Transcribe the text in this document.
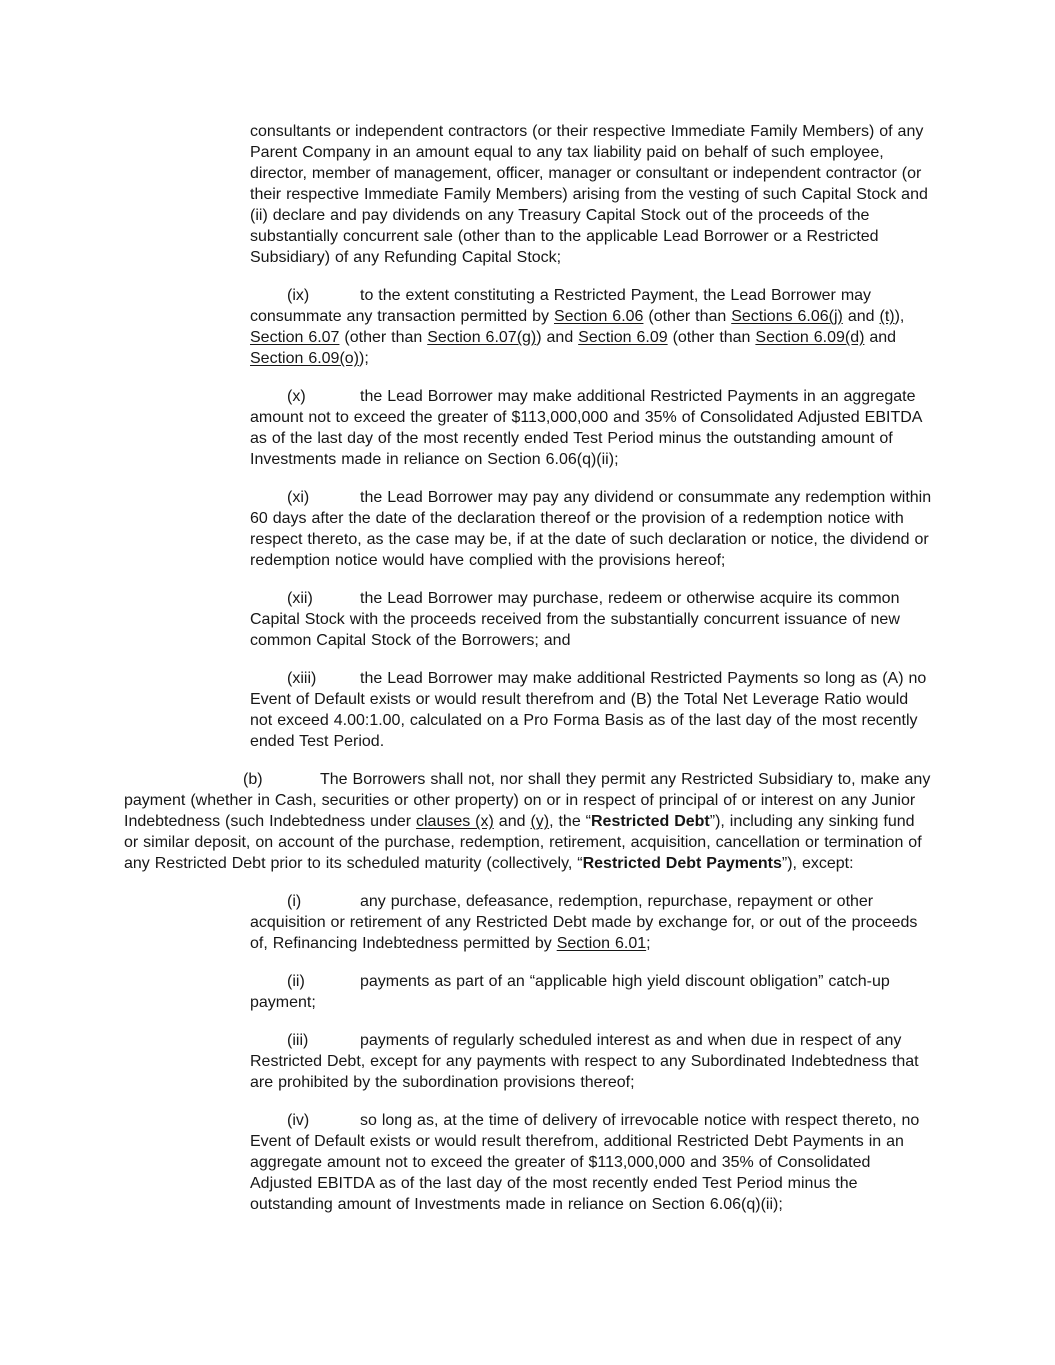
consultants or independent contractors (or their respective Immediate Family Members) of any Parent Company in an amount equal to any tax liability paid on behalf of such employee, director, member of management, officer, manager or consultant or independent contractor (or their respective Immediate Family Members) arising from the vesting of such Capital Stock and (ii) declare and pay dividends on any Treasury Capital Stock out of the proceeds of the substantially concurrent sale (other than to the applicable Lead Borrower or a Restricted Subsidiary) of any Refunding Capital Stock;

(ix)	to the extent constituting a Restricted Payment, the Lead Borrower may consummate any transaction permitted by Section 6.06 (other than Sections 6.06(j) and (t)), Section 6.07 (other than Section 6.07(g)) and Section 6.09 (other than Section 6.09(d) and Section 6.09(o));

(x)	the Lead Borrower may make additional Restricted Payments in an aggregate amount not to exceed the greater of $113,000,000 and 35% of Consolidated Adjusted EBITDA as of the last day of the most recently ended Test Period minus the outstanding amount of Investments made in reliance on Section 6.06(q)(ii);

(xi)	the Lead Borrower may pay any dividend or consummate any redemption within 60 days after the date of the declaration thereof or the provision of a redemption notice with respect thereto, as the case may be, if at the date of such declaration or notice, the dividend or redemption notice would have complied with the provisions hereof;

(xii)	the Lead Borrower may purchase, redeem or otherwise acquire its common Capital Stock with the proceeds received from the substantially concurrent issuance of new common Capital Stock of the Borrowers; and

(xiii)	the Lead Borrower may make additional Restricted Payments so long as (A) no Event of Default exists or would result therefrom and (B) the Total Net Leverage Ratio would not exceed 4.00:1.00, calculated on a Pro Forma Basis as of the last day of the most recently ended Test Period.

(b)	The Borrowers shall not, nor shall they permit any Restricted Subsidiary to, make any payment (whether in Cash, securities or other property) on or in respect of principal of or interest on any Junior Indebtedness (such Indebtedness under clauses (x) and (y), the “Restricted Debt”), including any sinking fund or similar deposit, on account of the purchase, redemption, retirement, acquisition, cancellation or termination of any Restricted Debt prior to its scheduled maturity (collectively, “Restricted Debt Payments”), except:

(i)	any purchase, defeasance, redemption, repurchase, repayment or other acquisition or retirement of any Restricted Debt made by exchange for, or out of the proceeds of, Refinancing Indebtedness permitted by Section 6.01;

(ii)	payments as part of an “applicable high yield discount obligation” catch-up payment;

(iii)	payments of regularly scheduled interest as and when due in respect of any Restricted Debt, except for any payments with respect to any Subordinated Indebtedness that are prohibited by the subordination provisions thereof;

(iv)	so long as, at the time of delivery of irrevocable notice with respect thereto, no Event of Default exists or would result therefrom, additional Restricted Debt Payments in an aggregate amount not to exceed the greater of $113,000,000 and 35% of Consolidated Adjusted EBITDA as of the last day of the most recently ended Test Period minus the outstanding amount of Investments made in reliance on Section 6.06(q)(ii);
